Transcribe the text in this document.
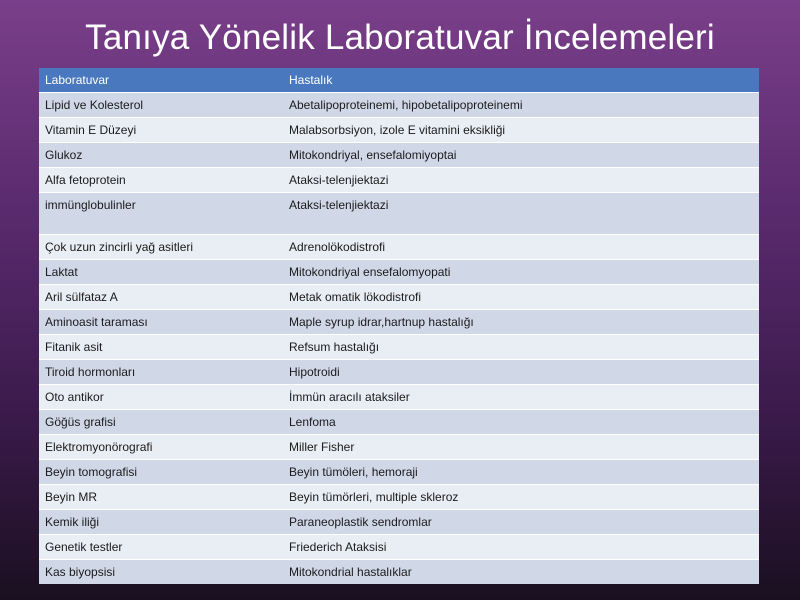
Tanıya Yönelik Laboratuvar İncelemeleri
Laboratuvar	Hastalık
Lipid ve Kolesterol	Abetalipoproteinemi, hipobetalipoproteinemi
Vitamin E Düzeyi	Malabsorbsiyon, izole E vitamini eksikliği
Glukoz	Mitokondriyal, ensefalomiyoptai
Alfa fetoprotein	Ataksi-telenjiektazi
immünglobulinler	Ataksi-telenjiektazi
Çok uzun zincirli yağ asitleri	Adrenolökodistrofi
Laktat	Mitokondriyal ensefalomyopati
Aril sülfataz A	Metak omatik lökodistrofi
Aminoasit taraması	Maple syrup idrar,hartnup hastalığı
Fitanik asit	Refsum hastalığı
Tiroid hormonları	Hipotroidi
Oto antikor	İmmün aracılı ataksiler
Göğüs grafisi	Lenfoma
Elektromyonörografi	Miller Fisher
Beyin tomografisi	Beyin tümöleri, hemoraji
Beyin MR	Beyin tümörleri, multiple skleroz
Kemik iliği	Paraneoplastik sendromlar
Genetik testler	Friederich Ataksisi
Kas biyopsisi	Mitokondrial hastalıklar
